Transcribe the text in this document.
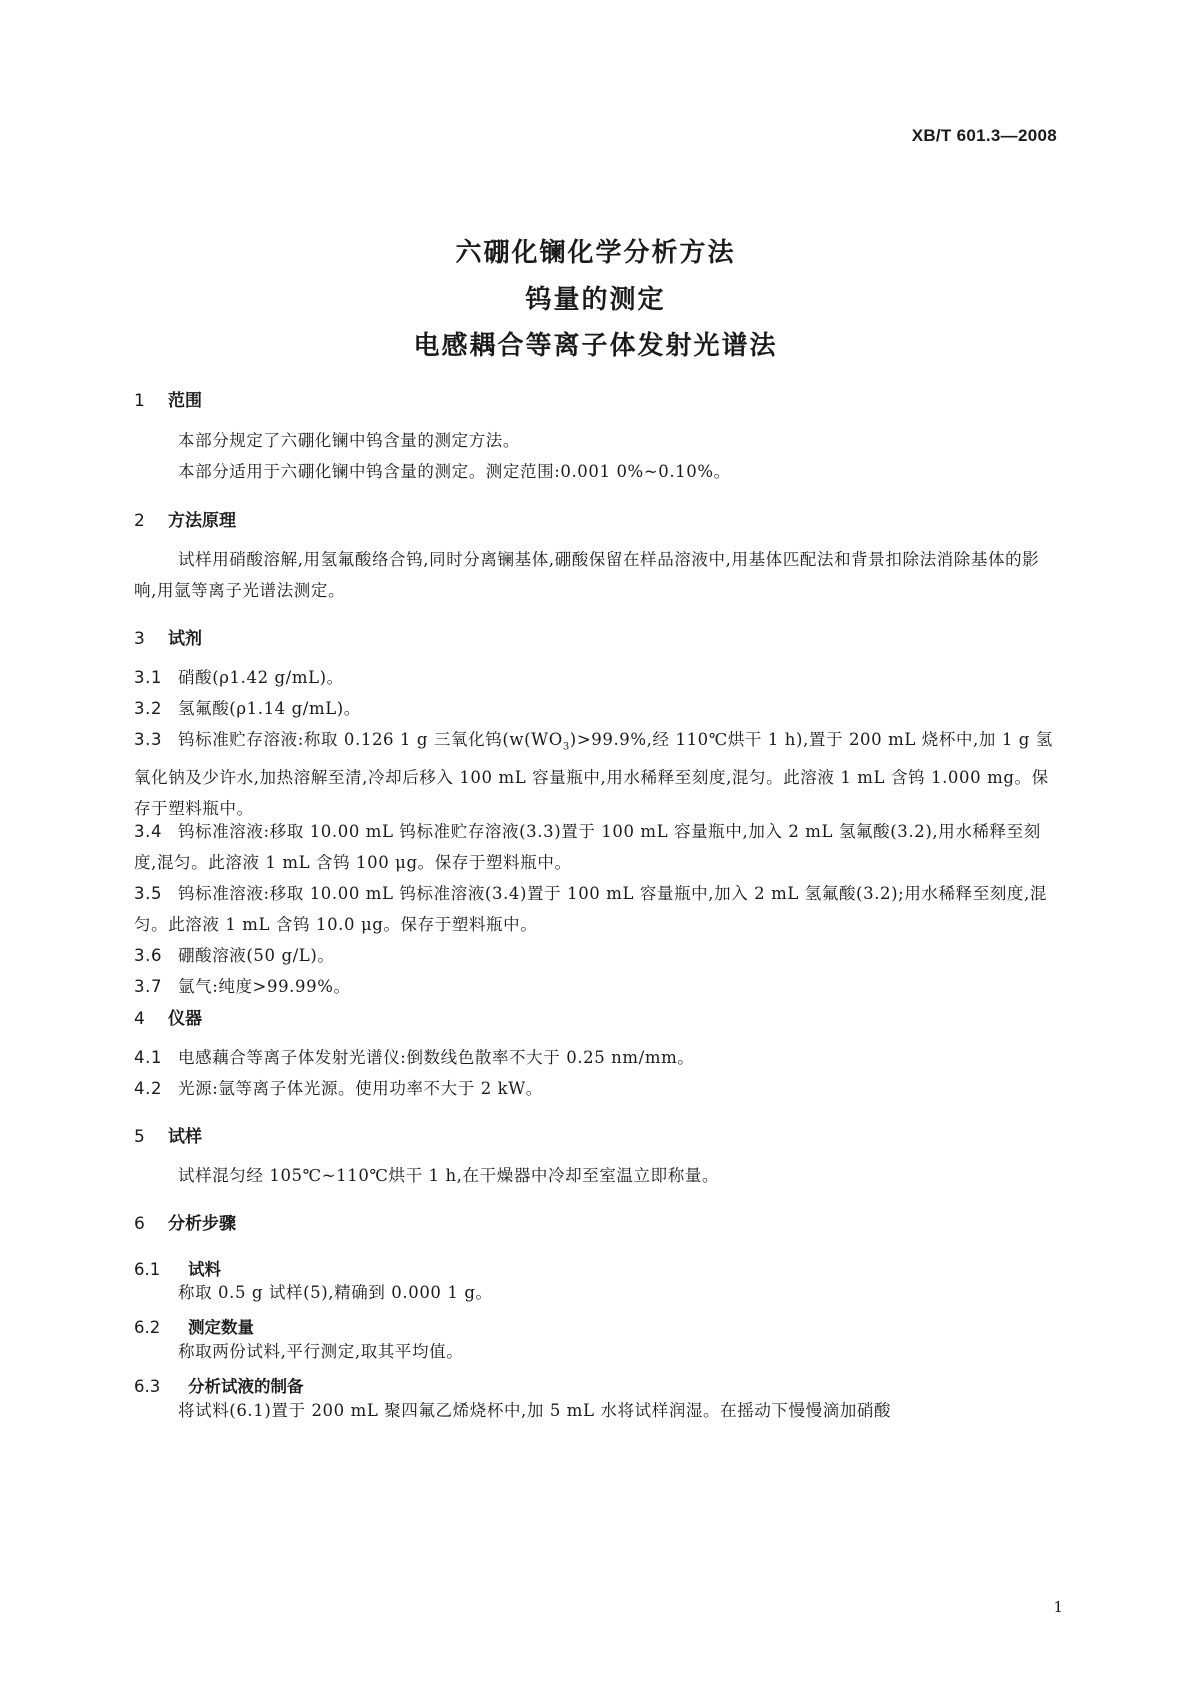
XB/T 601.3—2008
六硼化镧化学分析方法
钨量的测定
电感耦合等离子体发射光谱法
1 范围
本部分规定了六硼化镧中钨含量的测定方法。
本部分适用于六硼化镧中钨含量的测定。测定范围:0.001 0%~0.10%。
2 方法原理
试样用硝酸溶解,用氢氟酸络合钨,同时分离镧基体,硼酸保留在样品溶液中,用基体匹配法和背景扣除法消除基体的影响,用氩等离子光谱法测定。
3 试剂
3.1 硝酸(ρ1.42 g/mL)。
3.2 氢氟酸(ρ1.14 g/mL)。
3.3 钨标准贮存溶液:称取 0.126 1 g 三氧化钨($w(WO_3)>99.9\%$,经 110℃烘干 1 h),置于 200 mL 烧杯中,加 1 g 氢氧化钠及少许水,加热溶解至清,冷却后移入 100 mL 容量瓶中,用水稀释至刻度,混匀。此溶液 1 mL 含钨 1.000 mg。保存于塑料瓶中。
3.4 钨标准溶液:移取 10.00 mL 钨标准贮存溶液(3.3)置于 100 mL 容量瓶中,加入 2 mL 氢氟酸(3.2),用水稀释至刻度,混匀。此溶液 1 mL 含钨 100 μg。保存于塑料瓶中。
3.5 钨标准溶液:移取 10.00 mL 钨标准溶液(3.4)置于 100 mL 容量瓶中,加入 2 mL 氢氟酸(3.2);用水稀释至刻度,混匀。此溶液 1 mL 含钨 10.0 μg。保存于塑料瓶中。
3.6 硼酸溶液(50 g/L)。
3.7 氩气:纯度>99.99%。
4 仪器
4.1 电感藕合等离子体发射光谱仪:倒数线色散率不大于 0.25 nm/mm。
4.2 光源:氩等离子体光源。使用功率不大于 2 kW。
5 试样
试样混匀经 105℃~110℃烘干 1 h,在干燥器中冷却至室温立即称量。
6 分析步骤
6.1 试料
称取 0.5 g 试样(5),精确到 0.000 1 g。
6.2 测定数量
称取两份试料,平行测定,取其平均值。
6.3 分析试液的制备
将试料(6.1)置于 200 mL 聚四氟乙烯烧杯中,加 5 mL 水将试样润湿。在摇动下慢慢滴加硝酸
1
